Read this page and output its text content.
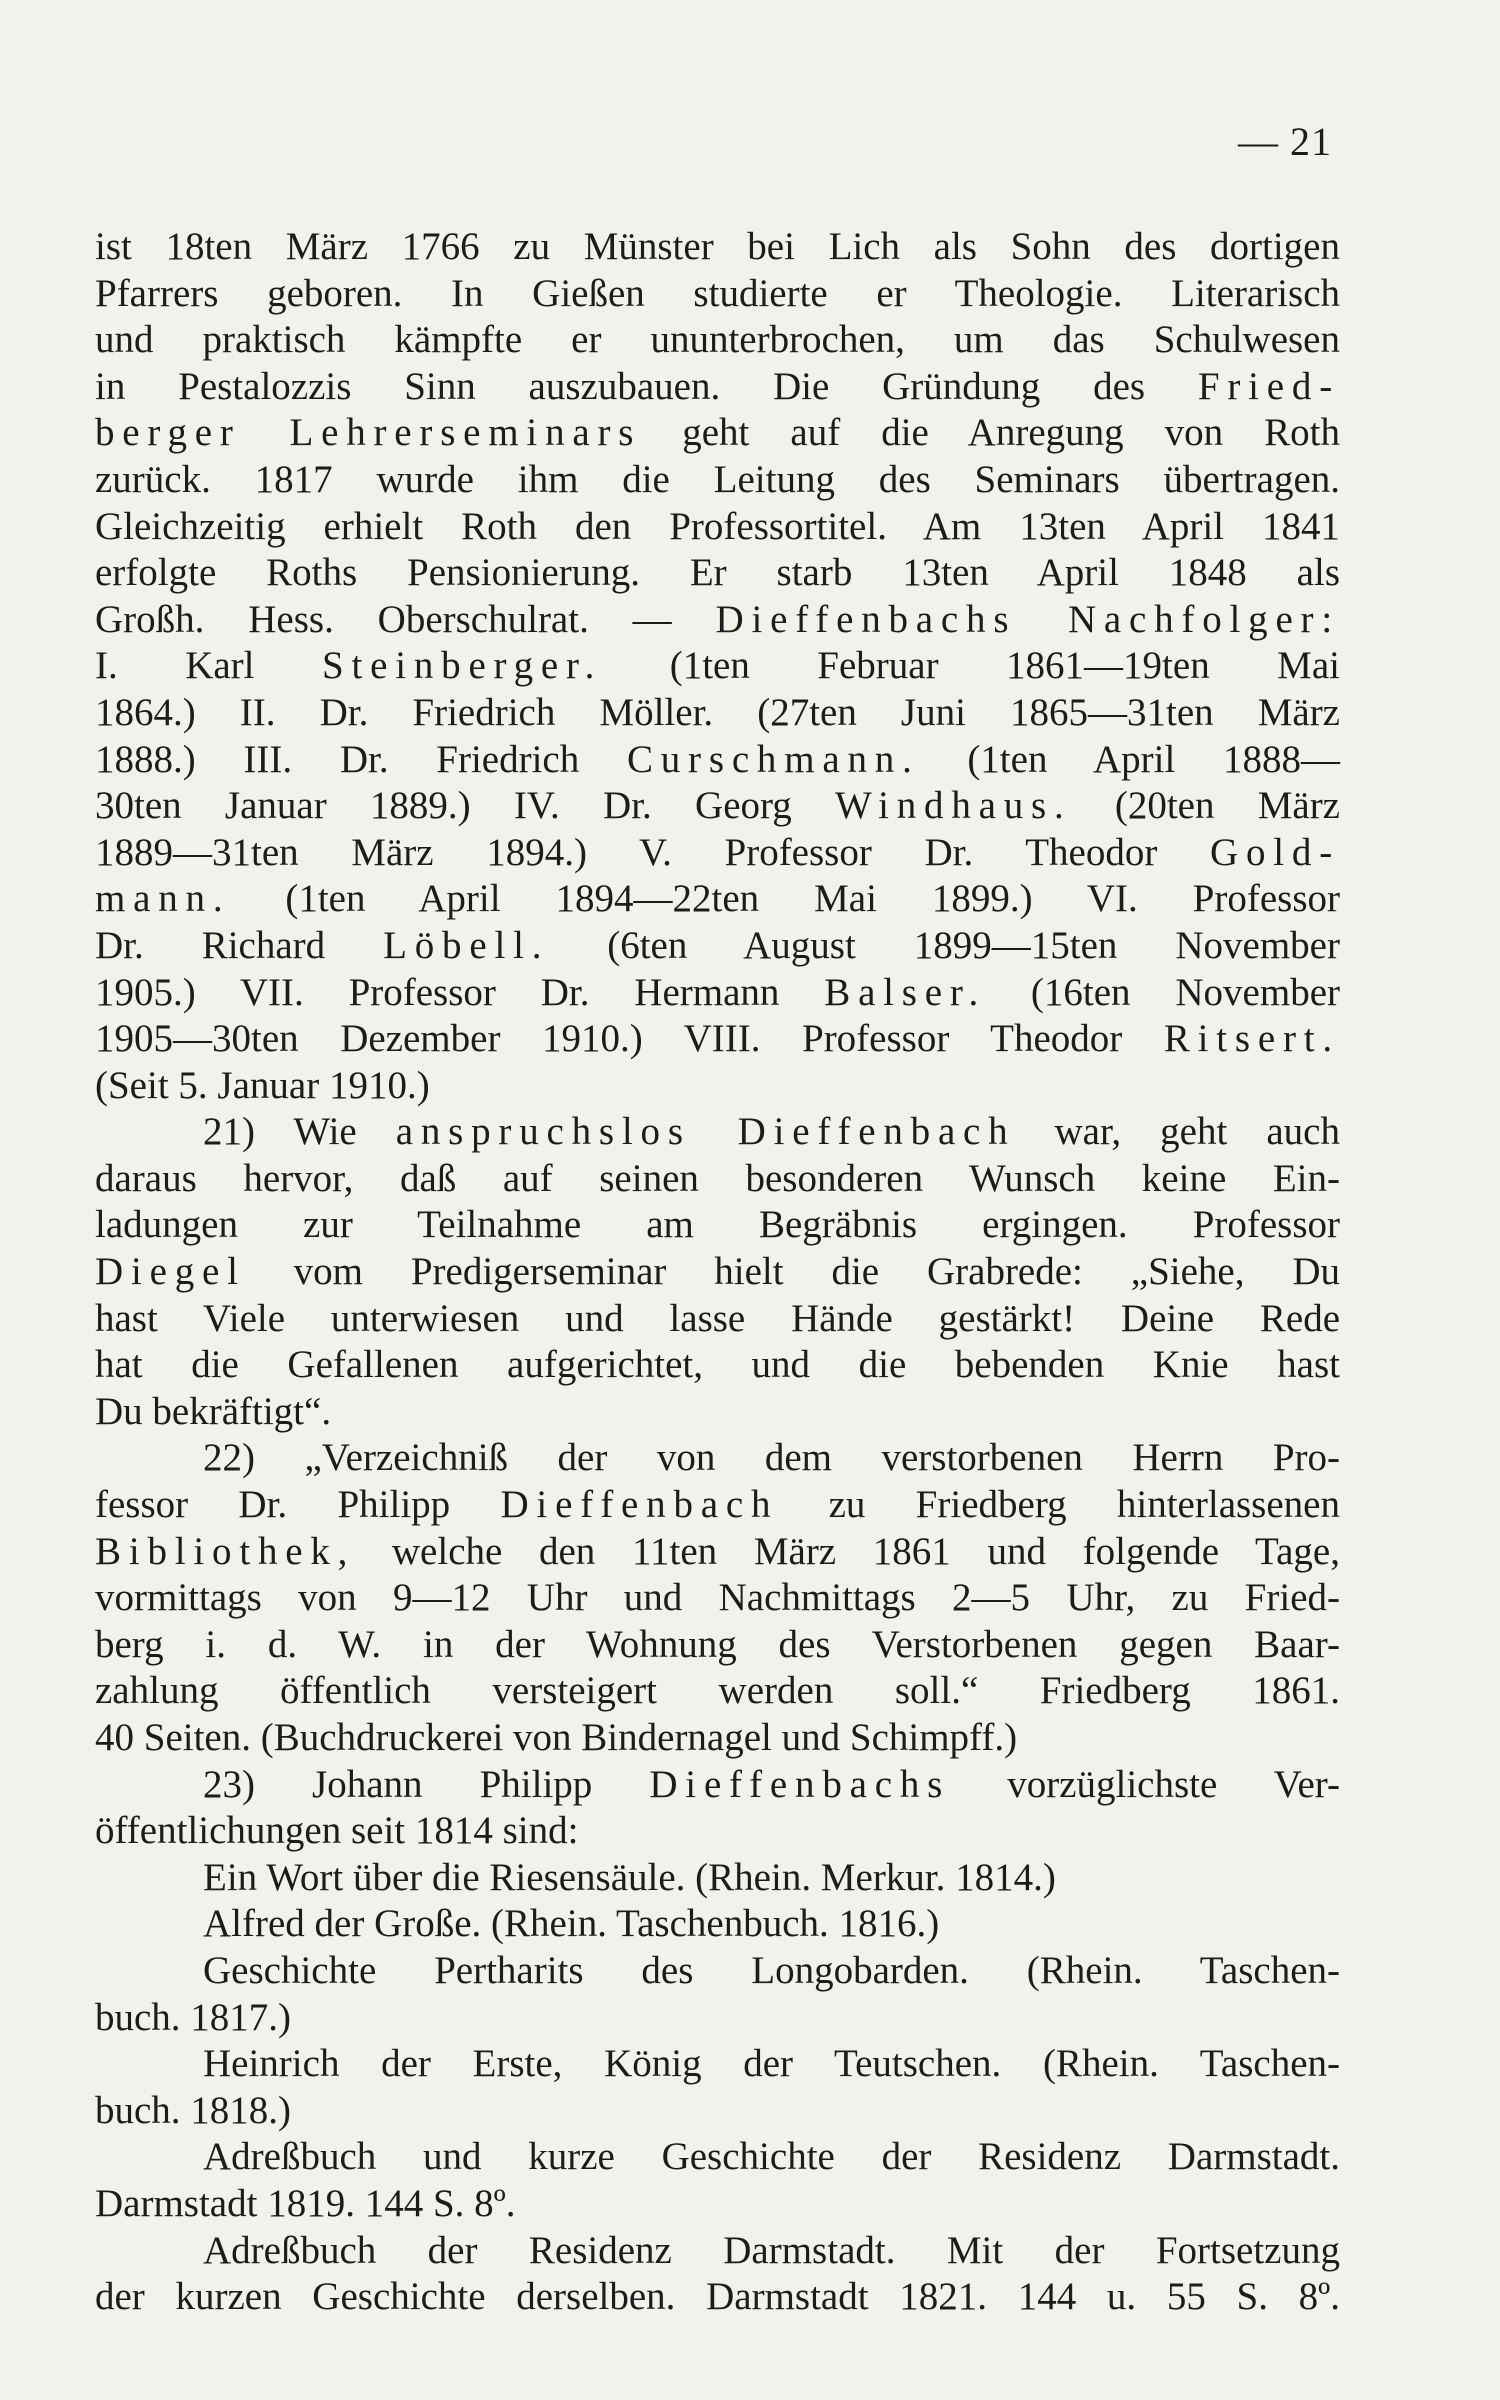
— 21
ist 18ten März 1766 zu Münster bei Lich als Sohn des dortigen
Pfarrers geboren. In Gießen studierte er Theologie. Literarisch
und praktisch kämpfte er ununterbrochen, um das Schulwesen
in Pestalozzis Sinn auszubauen. Die Gründung des Fried-
berger Lehrerseminars geht auf die Anregung von Roth
zurück. 1817 wurde ihm die Leitung des Seminars übertragen.
Gleichzeitig erhielt Roth den Professortitel. Am 13ten April 1841
erfolgte Roths Pensionierung. Er starb 13ten April 1848 als
Großh. Hess. Oberschulrat. — Dieffenbachs Nachfolger:
I. Karl Steinberger. (1ten Februar 1861—19ten Mai
1864.) II. Dr. Friedrich Möller. (27ten Juni 1865—31ten März
1888.) III. Dr. Friedrich Curschmann. (1ten April 1888—
30ten Januar 1889.) IV. Dr. Georg Windhaus. (20ten März
1889—31ten März 1894.) V. Professor Dr. Theodor Gold-
mann. (1ten April 1894—22ten Mai 1899.) VI. Professor
Dr. Richard Löbell. (6ten August 1899—15ten November
1905.) VII. Professor Dr. Hermann Balser. (16ten November
1905—30ten Dezember 1910.) VIII. Professor Theodor Ritsert.
(Seit 5. Januar 1910.)
21) Wie anspruchslos Dieffenbach war, geht auch
daraus hervor, daß auf seinen besonderen Wunsch keine Ein-
ladungen zur Teilnahme am Begräbnis ergingen. Professor
Diegel vom Predigerseminar hielt die Grabrede: „Siehe, Du
hast Viele unterwiesen und lasse Hände gestärkt! Deine Rede
hat die Gefallenen aufgerichtet, und die bebenden Knie hast
Du bekräftigt“.
22) „Verzeichniß der von dem verstorbenen Herrn Pro-
fessor Dr. Philipp Dieffenbach zu Friedberg hinterlassenen
Bibliothek, welche den 11ten März 1861 und folgende Tage,
vormittags von 9—12 Uhr und Nachmittags 2—5 Uhr, zu Fried-
berg i. d. W. in der Wohnung des Verstorbenen gegen Baar-
zahlung öffentlich versteigert werden soll.“ Friedberg 1861.
40 Seiten. (Buchdruckerei von Bindernagel und Schimpff.)
23) Johann Philipp Dieffenbachs vorzüglichste Ver-
öffentlichungen seit 1814 sind:
Ein Wort über die Riesensäule. (Rhein. Merkur. 1814.)
Alfred der Große. (Rhein. Taschenbuch. 1816.)
Geschichte Pertharits des Longobarden. (Rhein. Taschen-
buch. 1817.)
Heinrich der Erste, König der Teutschen. (Rhein. Taschen-
buch. 1818.)
Adreßbuch und kurze Geschichte der Residenz Darmstadt.
Darmstadt 1819. 144 S. 8º.
Adreßbuch der Residenz Darmstadt. Mit der Fortsetzung
der kurzen Geschichte derselben. Darmstadt 1821. 144 u. 55 S. 8º.
